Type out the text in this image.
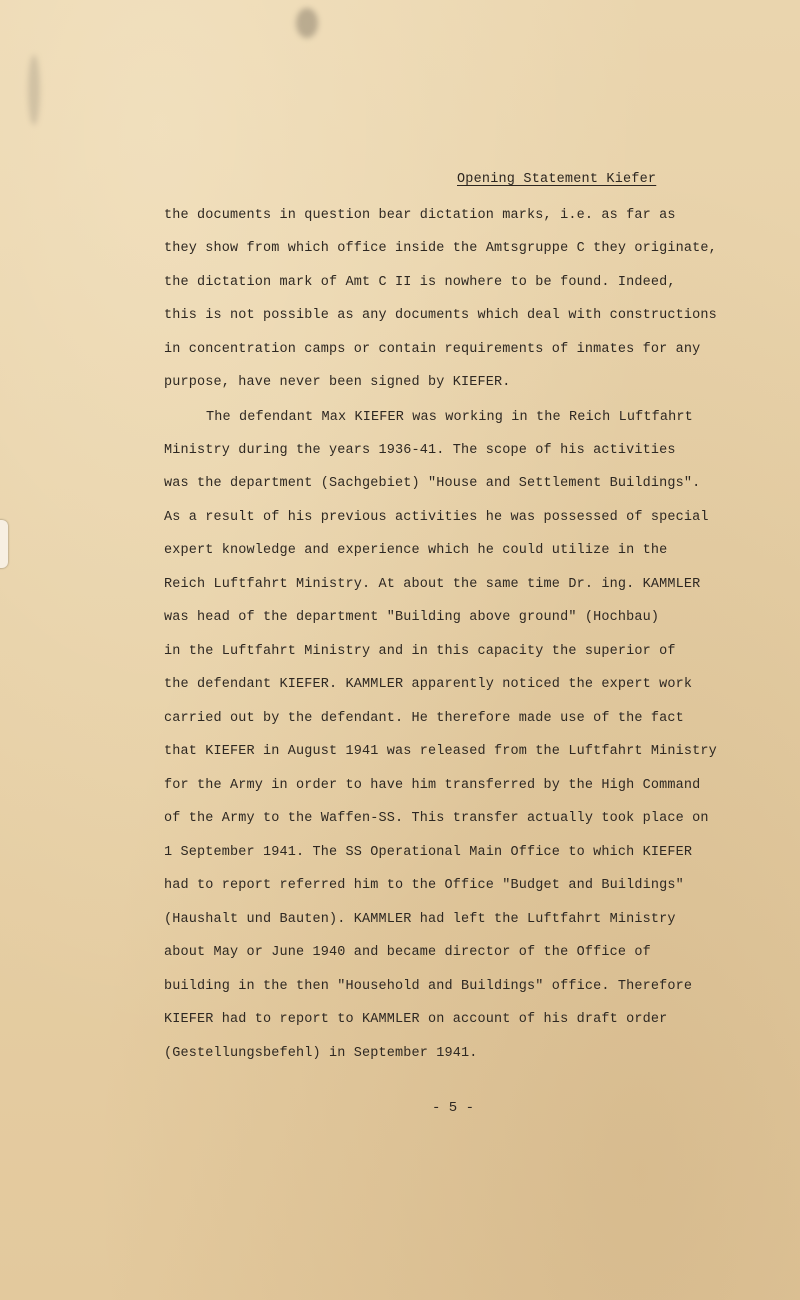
Opening Statement Kiefer
the documents in question bear dictation marks, i.e. as far as
they show from which office inside the Amtsgruppe C they originate,
the dictation mark of Amt C II is nowhere to be found. Indeed,
this is not possible as any documents which deal with constructions
in concentration camps or contain requirements of inmates for any
purpose, have never been signed by KIEFER.
The defendant Max KIEFER was working in the Reich Luftfahrt
Ministry during the years 1936-41. The scope of his activities
was the department (Sachgebiet) "House and Settlement Buildings".
As a result of his previous activities he was possessed of special
expert knowledge and experience which he could utilize in the
Reich Luftfahrt Ministry. At about the same time Dr. ing. KAMMLER
was head of the department "Building above ground" (Hochbau)
in the Luftfahrt Ministry and in this capacity the superior of
the defendant KIEFER. KAMMLER apparently noticed the expert work
carried out by the defendant. He therefore made use of the fact
that KIEFER in August 1941 was released from the Luftfahrt Ministry
for the Army in order to have him transferred by the High Command
of the Army to the Waffen-SS. This transfer actually took place on
1 September 1941. The SS Operational Main Office to which KIEFER
had to report referred him to the Office "Budget and Buildings"
(Haushalt und Bauten). KAMMLER had left the Luftfahrt Ministry
about May or June 1940 and became director of the Office of
building in the then "Household and Buildings" office. Therefore
KIEFER had to report to KAMMLER on account of his draft order
(Gestellungsbefehl) in September 1941.
- 5 -
